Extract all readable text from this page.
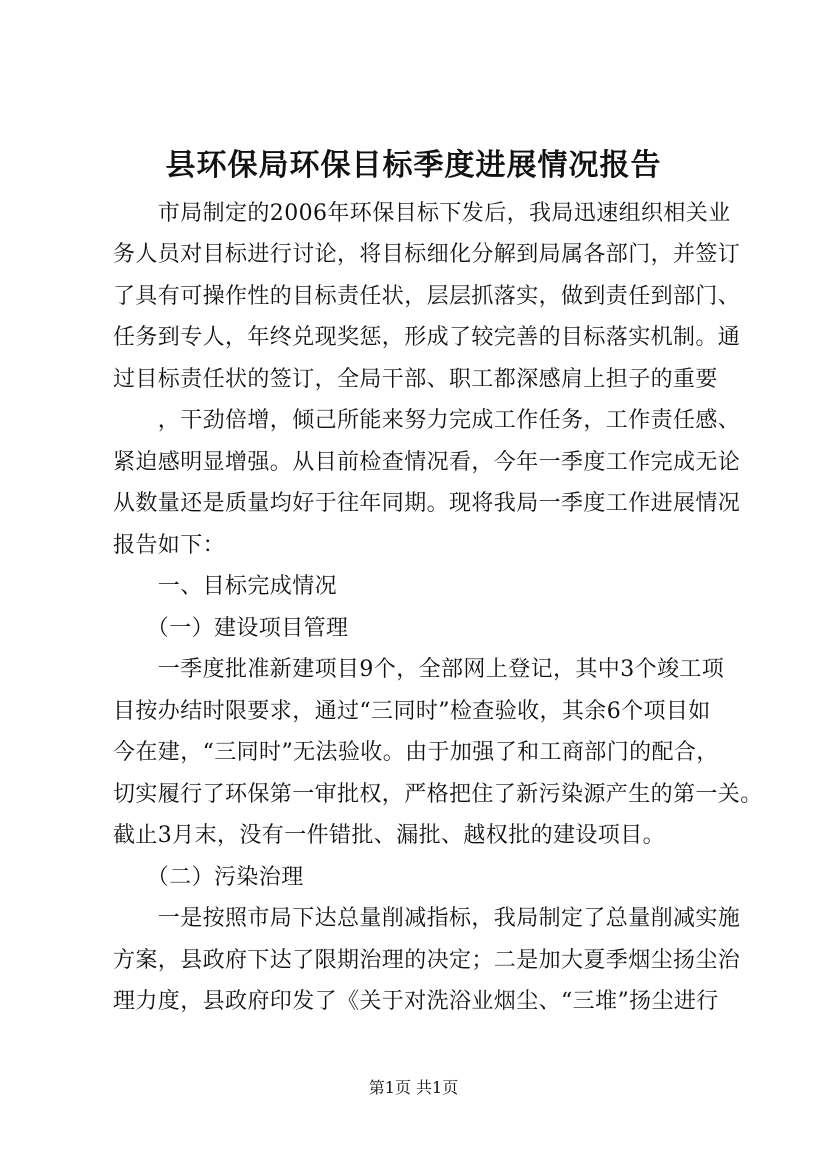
县环保局环保目标季度进展情况报告
　　市局制定的2006年环保目标下发后，我局迅速组织相关业
务人员对目标进行讨论，将目标细化分解到局属各部门，并签订
了具有可操作性的目标责任状，层层抓落实，做到责任到部门、
任务到专人，年终兑现奖惩，形成了较完善的目标落实机制。通
过目标责任状的签订，全局干部、职工都深感肩上担子的重要
　　，干劲倍增，倾己所能来努力完成工作任务，工作责任感、
紧迫感明显增强。从目前检查情况看，今年一季度工作完成无论
从数量还是质量均好于往年同期。现将我局一季度工作进展情况
报告如下：
　　一、目标完成情况
　　（一）建设项目管理
　　一季度批准新建项目9个，全部网上登记，其中3个竣工项
目按办结时限要求，通过“三同时”检查验收，其余6个项目如
今在建，“三同时”无法验收。由于加强了和工商部门的配合，
切实履行了环保第一审批权，严格把住了新污染源产生的第一关。
截止3月末，没有一件错批、漏批、越权批的建设项目。
　　（二）污染治理
　　一是按照市局下达总量削减指标，我局制定了总量削减实施
方案，县政府下达了限期治理的决定；二是加大夏季烟尘扬尘治
理力度，县政府印发了《关于对洗浴业烟尘、“三堆”扬尘进行
第1页 共1页
